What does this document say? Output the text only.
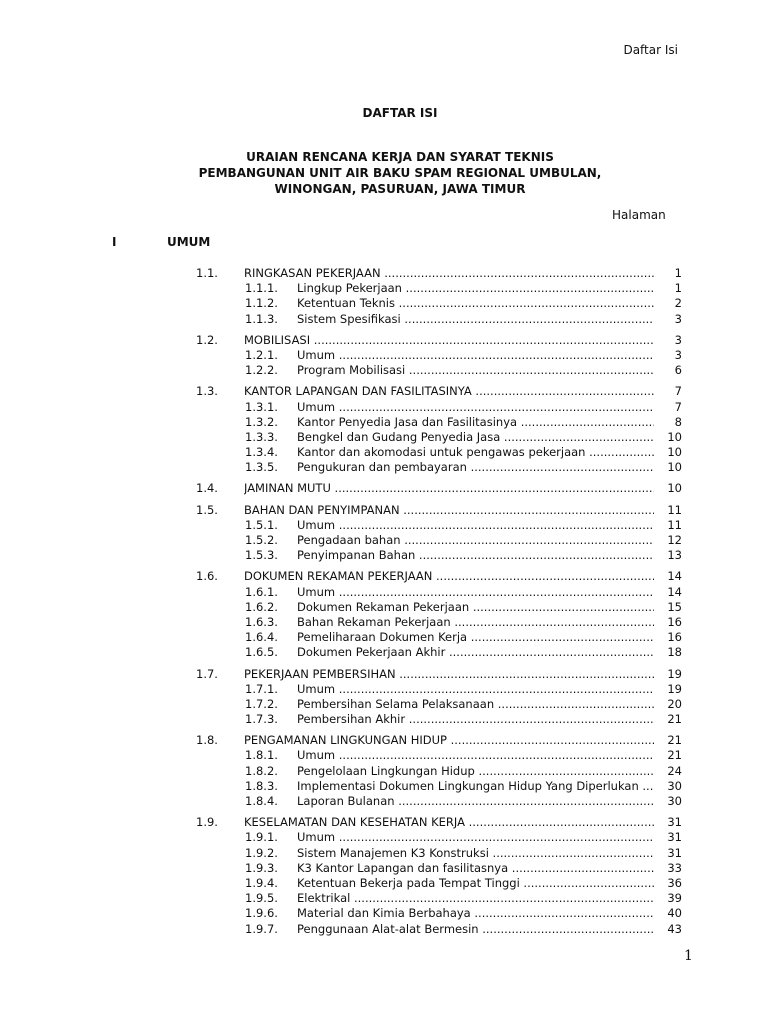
Daftar Isi
DAFTAR ISI
URAIAN RENCANA KERJA DAN SYARAT TEKNIS
PEMBANGUNAN UNIT AIR BAKU SPAM REGIONAL UMBULAN,
WINONGAN, PASURUAN, JAWA TIMUR
Halaman
I	UMUM
1.1. RINGKASAN PEKERJAAN .....	1
1.1.1. Lingkup Pekerjaan .....	1
1.1.2. Ketentuan Teknis .....	2
1.1.3. Sistem Spesifikasi .....	3
1.2. MOBILISASI .....	3
1.2.1. Umum .....	3
1.2.2. Program Mobilisasi .....	6
1.3. KANTOR LAPANGAN DAN FASILITASINYA .....	7
1.3.1. Umum .....	7
1.3.2. Kantor Penyedia Jasa dan Fasilitasinya .....	8
1.3.3. Bengkel dan Gudang Penyedia Jasa .....	10
1.3.4. Kantor dan akomodasi untuk pengawas pekerjaan .....	10
1.3.5. Pengukuran dan pembayaran .....	10
1.4. JAMINAN MUTU .....	10
1.5. BAHAN DAN PENYIMPANAN .....	11
1.5.1. Umum .....	11
1.5.2. Pengadaan bahan .....	12
1.5.3. Penyimpanan Bahan .....	13
1.6. DOKUMEN REKAMAN PEKERJAAN .....	14
1.6.1. Umum .....	14
1.6.2. Dokumen Rekaman Pekerjaan .....	15
1.6.3. Bahan Rekaman Pekerjaan .....	16
1.6.4. Pemeliharaan Dokumen Kerja .....	16
1.6.5. Dokumen Pekerjaan Akhir .....	18
1.7. PEKERJAAN PEMBERSIHAN .....	19
1.7.1. Umum .....	19
1.7.2. Pembersihan Selama Pelaksanaan .....	20
1.7.3. Pembersihan Akhir .....	21
1.8. PENGAMANAN LINGKUNGAN HIDUP .....	21
1.8.1. Umum .....	21
1.8.2. Pengelolaan Lingkungan Hidup .....	24
1.8.3. Implementasi Dokumen Lingkungan Hidup Yang Diperlukan .....	30
1.8.4. Laporan Bulanan .....	30
1.9. KESELAMATAN DAN KESEHATAN KERJA .....	31
1.9.1. Umum .....	31
1.9.2. Sistem Manajemen K3 Konstruksi .....	31
1.9.3. K3 Kantor Lapangan dan fasilitasnya .....	33
1.9.4. Ketentuan Bekerja pada Tempat Tinggi .....	36
1.9.5. Elektrikal .....	39
1.9.6. Material dan Kimia Berbahaya .....	40
1.9.7. Penggunaan Alat-alat Bermesin .....	43
1
